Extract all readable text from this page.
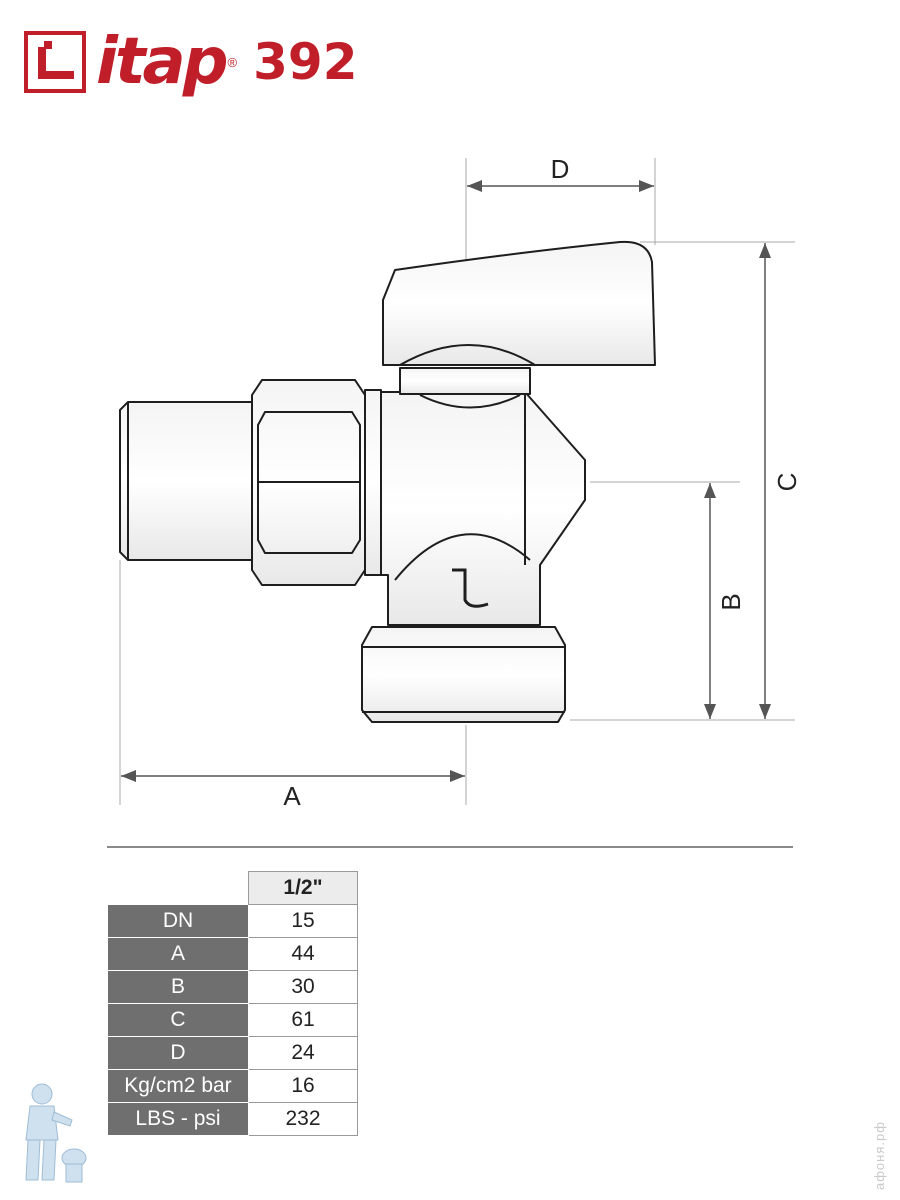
itap ® 392
D
A
C
B
	1/2"
DN	15
A	44
B	30
C	61
D	24
Kg/cm2 bar	16
LBS - psi	232
афоня.рф
